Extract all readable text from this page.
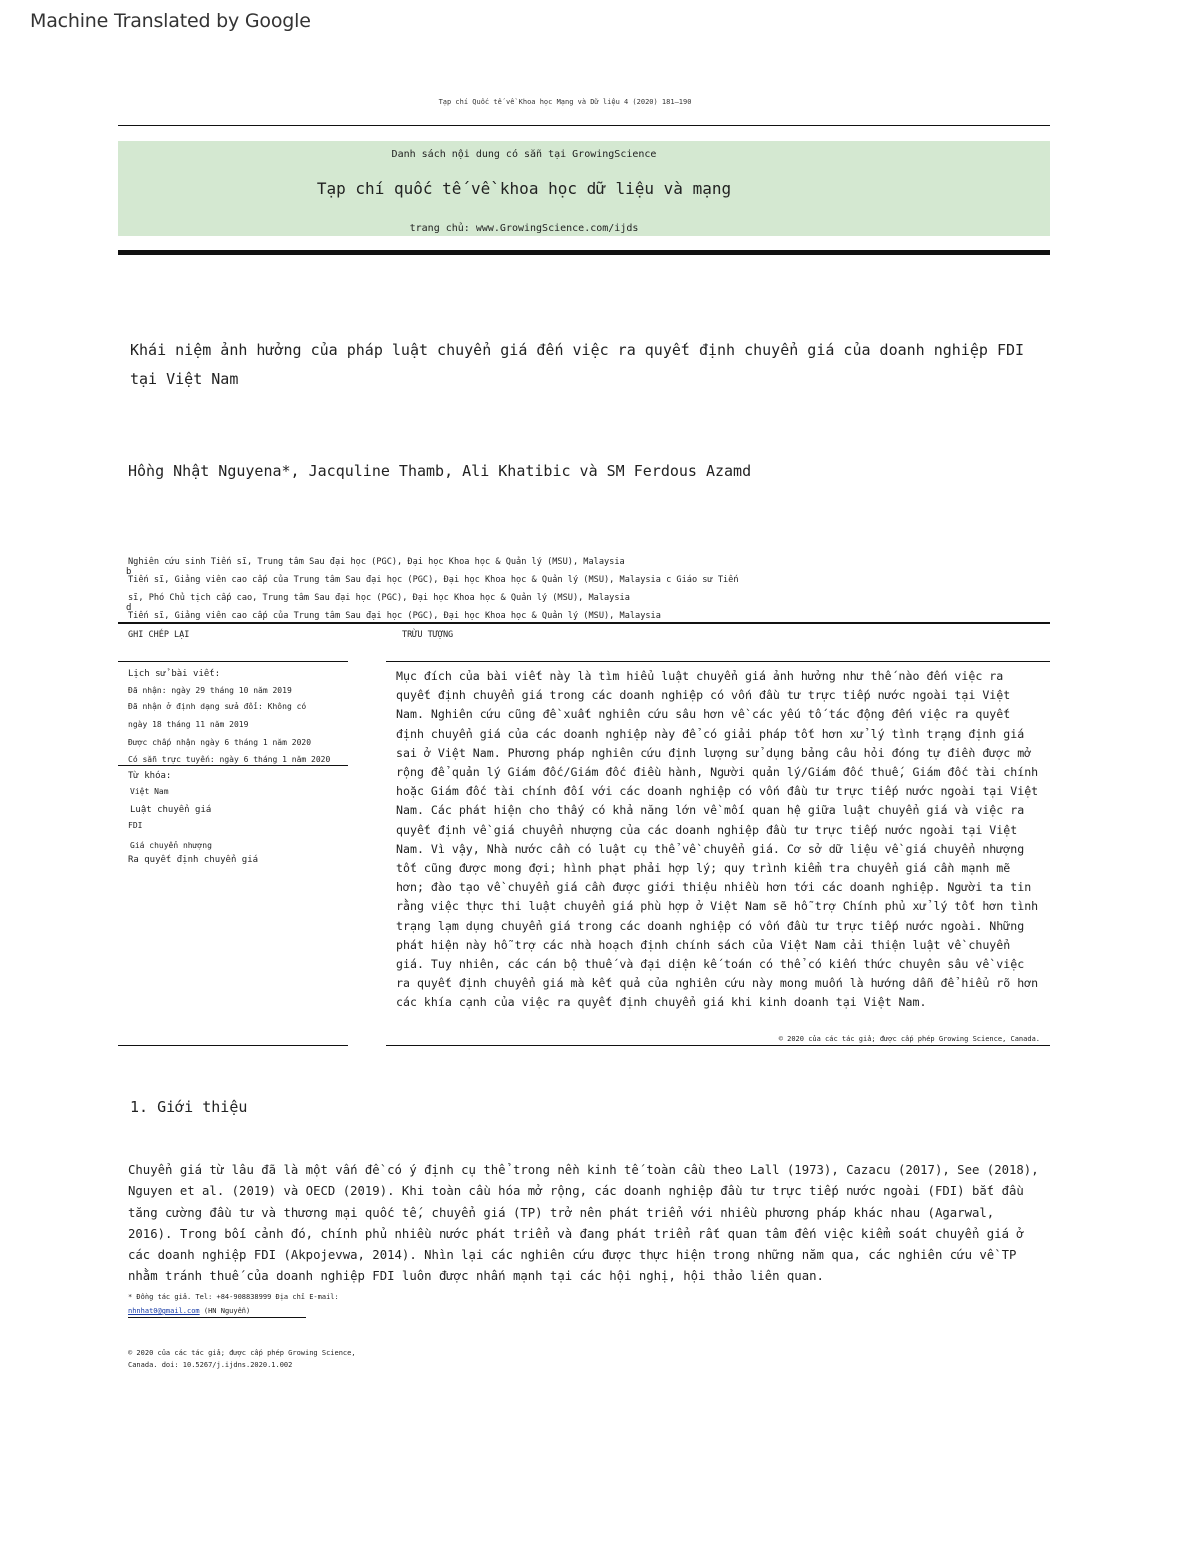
Machine Translated by Google
Tạp chí Quốc tế về Khoa học Mạng và Dữ liệu 4 (2020) 181–190
Danh sách nội dung có sẵn tại GrowingScience
Tạp chí quốc tế về khoa học dữ liệu và mạng
trang chủ: www.GrowingScience.com/ijds
Khái niệm ảnh hưởng của pháp luật chuyển giá đến việc ra quyết định chuyển giá của doanh nghiệp FDI tại Việt Nam
Hồng Nhật Nguyena*, Jacquline Thamb, Ali Khatibic và SM Ferdous Azamd
Nghiên cứu sinh Tiến sĩ, Trung tâm Sau đại học (PGC), Đại học Khoa học & Quản lý (MSU), Malaysia
b
Tiến sĩ, Giảng viên cao cấp của Trung tâm Sau đại học (PGC), Đại học Khoa học & Quản lý (MSU), Malaysia c Giáo sư Tiến
sĩ, Phó Chủ tịch cấp cao, Trung tâm Sau đại học (PGC), Đại học Khoa học & Quản lý (MSU), Malaysia
d
Tiến sĩ, Giảng viên cao cấp của Trung tâm Sau đại học (PGC), Đại học Khoa học & Quản lý (MSU), Malaysia
GHI CHÉP LẠI	TRỪU TƯỢNG
Lịch sử bài viết:
Đã nhận: ngày 29 tháng 10 năm 2019
Đã nhận ở định dạng sửa đổi: Không có
ngày 18 tháng 11 năm 2019
Được chấp nhận ngày 6 tháng 1 năm 2020
Có sẵn trực tuyến: ngày 6 tháng 1 năm 2020
Từ khóa:
Việt Nam
Luật chuyển giá
FDI
Giá chuyển nhượng
Ra quyết định chuyển giá
Mục đích của bài viết này là tìm hiểu luật chuyển giá ảnh hưởng như thế nào đến việc ra quyết định chuyển giá trong các doanh nghiệp có vốn đầu tư trực tiếp nước ngoài tại Việt Nam. Nghiên cứu cũng đề xuất nghiên cứu sâu hơn về các yếu tố tác động đến việc ra quyết định chuyển giá của các doanh nghiệp này để có giải pháp tốt hơn xử lý tình trạng định giá sai ở Việt Nam. Phương pháp nghiên cứu định lượng sử dụng bảng câu hỏi đóng tự điền được mở rộng để quản lý Giám đốc/Giám đốc điều hành, Người quản lý/Giám đốc thuế, Giám đốc tài chính hoặc Giám đốc tài chính đối với các doanh nghiệp có vốn đầu tư trực tiếp nước ngoài tại Việt Nam. Các phát hiện cho thấy có khả năng lớn về mối quan hệ giữa luật chuyển giá và việc ra quyết định về giá chuyển nhượng của các doanh nghiệp đầu tư trực tiếp nước ngoài tại Việt Nam. Vì vậy, Nhà nước cần có luật cụ thể về chuyển giá. Cơ sở dữ liệu về giá chuyển nhượng tốt cũng được mong đợi; hình phạt phải hợp lý; quy trình kiểm tra chuyển giá cần mạnh mẽ hơn; đào tạo về chuyển giá cần được giới thiệu nhiều hơn tới các doanh nghiệp. Người ta tin rằng việc thực thi luật chuyển giá phù hợp ở Việt Nam sẽ hỗ trợ Chính phủ xử lý tốt hơn tình trạng lạm dụng chuyển giá trong các doanh nghiệp có vốn đầu tư trực tiếp nước ngoài. Những phát hiện này hỗ trợ các nhà hoạch định chính sách của Việt Nam cải thiện luật về chuyển giá. Tuy nhiên, các cán bộ thuế và đại diện kế toán có thể có kiến thức chuyên sâu về việc ra quyết định chuyển giá mà kết quả của nghiên cứu này mong muốn là hướng dẫn để hiểu rõ hơn các khía cạnh của việc ra quyết định chuyển giá khi kinh doanh tại Việt Nam.
© 2020 của các tác giả; được cấp phép Growing Science, Canada.
1. Giới thiệu
Chuyển giá từ lâu đã là một vấn đề có ý định cụ thể trong nền kinh tế toàn cầu theo Lall (1973), Cazacu (2017), See (2018), Nguyen et al. (2019) và OECD (2019). Khi toàn cầu hóa mở rộng, các doanh nghiệp đầu tư trực tiếp nước ngoài (FDI) bắt đầu tăng cường đầu tư và thương mại quốc tế, chuyển giá (TP) trở nên phát triển với nhiều phương pháp khác nhau (Agarwal, 2016). Trong bối cảnh đó, chính phủ nhiều nước phát triển và đang phát triển rất quan tâm đến việc kiểm soát chuyển giá ở các doanh nghiệp FDI (Akpojevwa, 2014). Nhìn lại các nghiên cứu được thực hiện trong những năm qua, các nghiên cứu về TP nhằm tránh thuế của doanh nghiệp FDI luôn được nhấn mạnh tại các hội nghị, hội thảo liên quan.
* Đồng tác giả. Tel: +84-908838999 Địa chỉ E-mail:
nhnhat0@gmail.com (HN Nguyễn)
© 2020 của các tác giả; được cấp phép Growing Science,
Canada. doi: 10.5267/j.ijdns.2020.1.002
